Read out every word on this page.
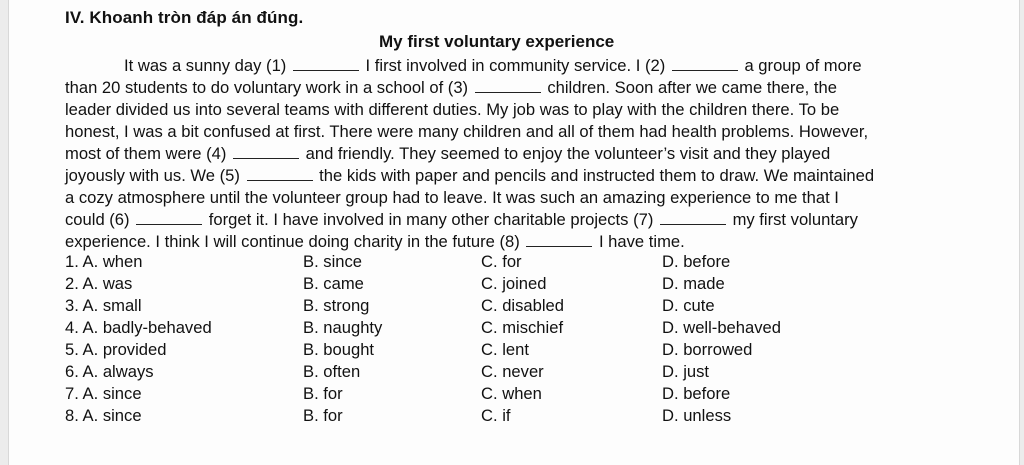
IV. Khoanh tròn đáp án đúng.
My first voluntary experience
It was a sunny day (1)	I first involved in community service. I (2)	a group of more
than 20 students to do voluntary work in a school of (3)	children. Soon after we came there, the
leader divided us into several teams with different duties. My job was to play with the children there. To be
honest, I was a bit confused at first. There were many children and all of them had health problems. However,
most of them were (4)	and friendly. They seemed to enjoy the volunteer’s visit and they played
joyously with us. We (5)	the kids with paper and pencils and instructed them to draw. We maintained
a cozy atmosphere until the volunteer group had to leave. It was such an amazing experience to me that I
could (6)	forget it. I have involved in many other charitable projects (7)	my first voluntary
experience. I think I will continue doing charity in the future (8)	I have time.
1. A. when	B. since	C. for	D. before
2. A. was	B. came	C. joined	D. made
3. A. small	B. strong	C. disabled	D. cute
4. A. badly-behaved	B. naughty	C. mischief	D. well-behaved
5. A. provided	B. bought	C. lent	D. borrowed
6. A. always	B. often	C. never	D. just
7. A. since	B. for	C. when	D. before
8. A. since	B. for	C. if	D. unless
